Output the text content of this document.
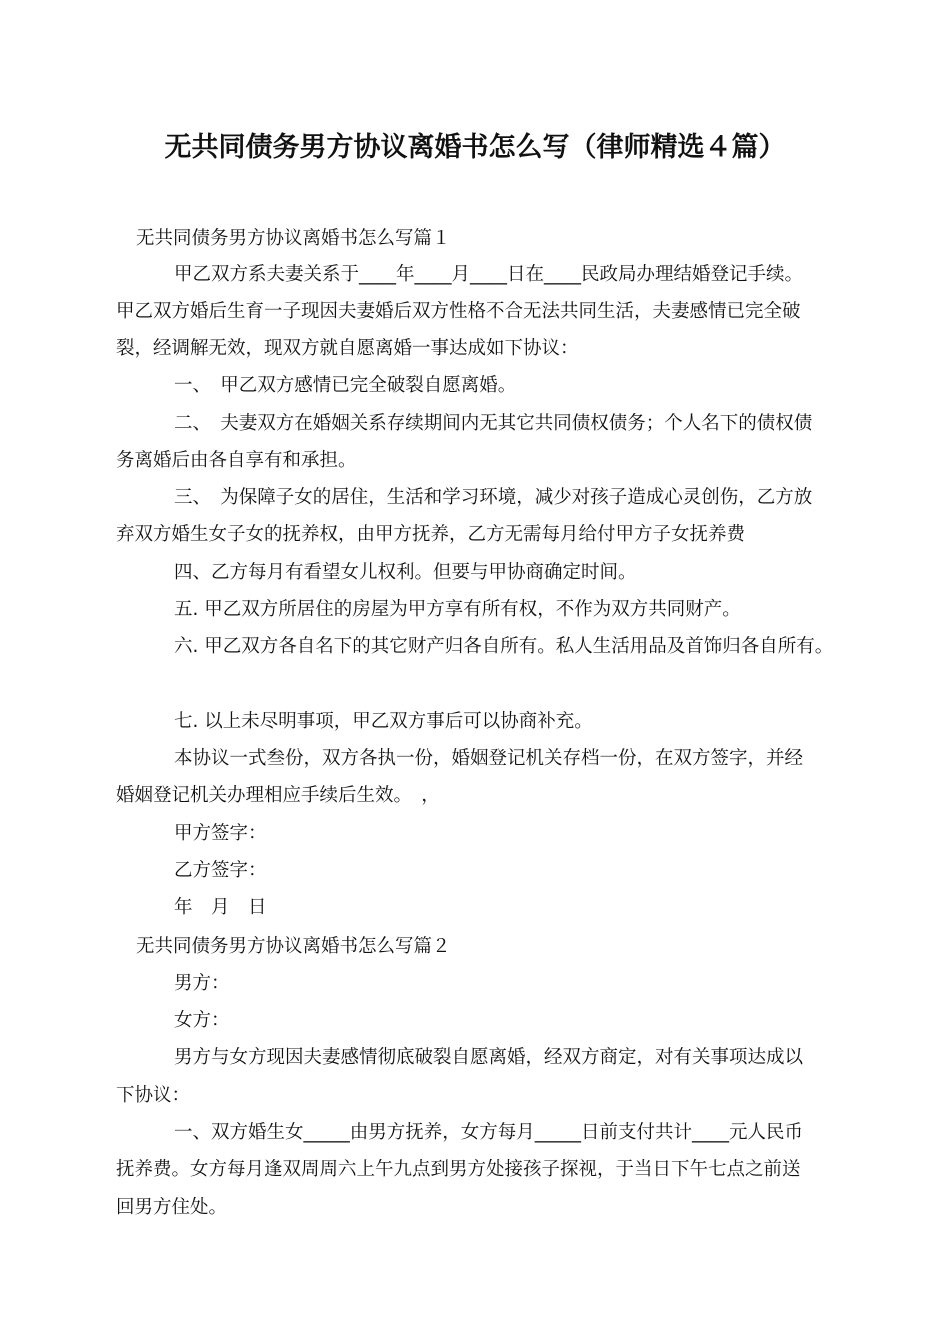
无共同债务男方协议离婚书怎么写（律师精选４篇）
无共同债务男方协议离婚书怎么写篇１
甲乙双方系夫妻关系于____年____月____日在____民政局办理结婚登记手续。
甲乙双方婚后生育一子现因夫妻婚后双方性格不合无法共同生活，夫妻感情已完全破
裂，经调解无效，现双方就自愿离婚一事达成如下协议：
一、　甲乙双方感情已完全破裂自愿离婚。
二、　夫妻双方在婚姻关系存续期间内无其它共同债权债务；个人名下的债权债
务离婚后由各自享有和承担。
三、　为保障子女的居住，生活和学习环境，减少对孩子造成心灵创伤，乙方放
弃双方婚生女子女的抚养权，由甲方抚养，乙方无需每月给付甲方子女抚养费
四、乙方每月有看望女儿权利。但要与甲协商确定时间。
五. 甲乙双方所居住的房屋为甲方享有所有权，不作为双方共同财产。
六. 甲乙双方各自名下的其它财产归各自所有。私人生活用品及首饰归各自所有。
七. 以上未尽明事项，甲乙双方事后可以协商补充。
本协议一式叁份，双方各执一份，婚姻登记机关存档一份，在双方签字，并经
婚姻登记机关办理相应手续后生效。　，
甲方签字：
乙方签字：
年　月　日
无共同债务男方协议离婚书怎么写篇２
男方：
女方：
男方与女方现因夫妻感情彻底破裂自愿离婚，经双方商定，对有关事项达成以
下协议：
一、双方婚生女_____由男方抚养，女方每月_____日前支付共计____元人民币
抚养费。女方每月逢双周周六上午九点到男方处接孩子探视，于当日下午七点之前送
回男方住处。
